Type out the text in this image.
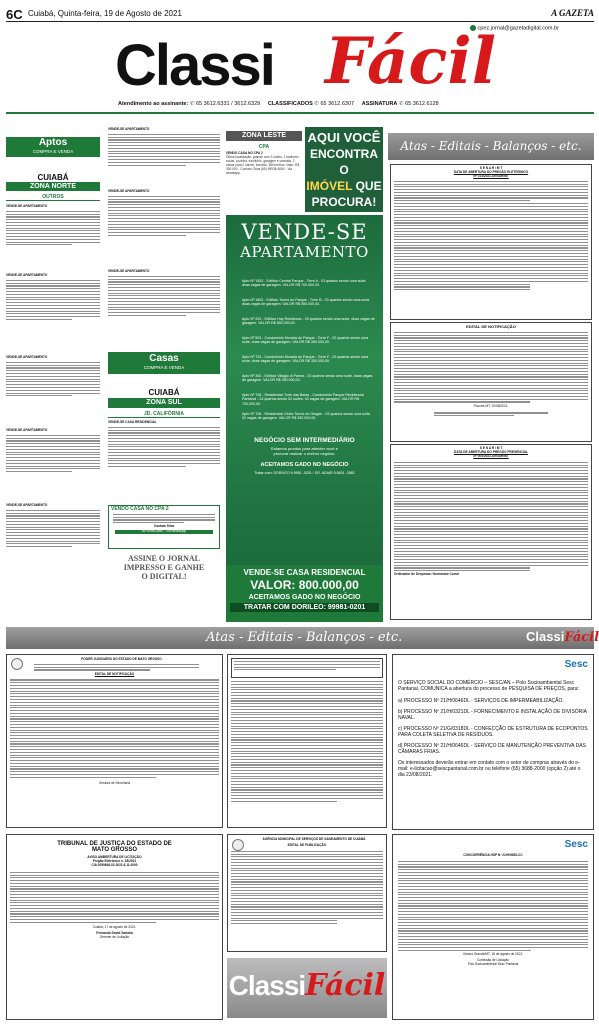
6C Cuiabá, Quinta-feira, 19 de Agosto de 2021	A GAZETA
cpez.jornal@gazetadigital.com.br
Classi Fácil
Atendimento ao assinante: ✆ 65 3612.6331 / 3612.6329 CLASSIFICADOS ✆ 65 3612.6307 ASSINATURA ✆ 65 3612.6128
Aptos
COMPRA E VENDA
CUIABÁ
ZONA NORTE
OUTROS
VENDE-SE APARTAMENTO
VENDE-SE APARTAMENTO
VENDE-SE APARTAMENTO
VENDE-SE APARTAMENTO
VENDE-SE APARTAMENTO
VENDE-SE APARTAMENTO
VENDE-SE APARTAMENTO
VENDE-SE APARTAMENTO
Casas
COMPRA E VENDA
CUIABÁ
ZONA SUL
JD. CALIFÓRNIA
VENDE-SE CASA RESIDENCIAL
VENDO CASA NO CPA 2
Contato Silva
65 99936-6660 - Via WhatsApp
ASSINE O JORNAL
IMPRESSO E GANHE
O DIGITAL!
ZONA LESTE
CPA
VENDO CASA NO CPA 2
Ótima localização, grande com 3 suítes, 1 banheiro social, cozinha, escritório, garagem e varanda. 2 casas para 2 carros, fornada, 380 metros. Valor: R$ 300.000 - Contato: Silva (65) 99936-6060 - Via whatsapp.
AQUI VOCÊ
ENCONTRA O
IMÓVEL QUE
PROCURA!
VENDE-SE
APARTAMENTO
Apto Nº 1503 - Edifício Central Parque - Torre A - 03 quartos sendo uma suíte, duas vagas de garagem. VALOR R$ 700.000,00.
Apto Nº 1803 - Edifício Torres do Parque - Torre B - 03 quartos sendo uma suíte, duas vagas de garagem. VALOR R$ 550.000,00.
Apto Nº 202 - Edifício Hay Residence - 03 quartos sendo uma suíte, duas vagas de garagem. VALOR R$ 550.000,00.
Apto Nº 503 - Condomínio Morada do Parque - Torre F - 02 quartos sendo uma suíte, duas vagas de garagem. VALOR R$ 350.000,00.
Apto Nº 703 - Condomínio Morada do Parque - Torre F - 02 quartos sendo uma suíte, duas vagas de garagem. VALOR R$ 350.000,00.
Apto Nº 302 - Edifício Villagio di Parma - 03 quartos sendo uma suíte, duas vagas de garagem. VALOR R$ 350.000,00.
Apto Nº 708 - Residencial Torre das Baías - Condomínio Parque Residencial Pantanal - 03 quartos sendo 02 suítes, 02 vagas de garagem. VALOR R$ 700.000,00.
Apto Nº 708 - Residencial Clube Torres do Gmgae - 03 quartos sendo uma suíte, 02 vagas de garagem. VALOR R$ 350.000,00.
NEGÓCIO SEM INTERMEDIÁRIO
Estamos prontos para atender você e
procurar realizar o melhor negócio.
ACEITAMOS GADO NO NEGÓCIO
Tratar com: DORILEO 9.9981 -0201 / SR. ADAIR 9.8401 -2882
VENDE-SE CASA RESIDENCIAL
VALOR: 800.000,00
ACEITAMOS GADO NO NEGÓCIO
TRATAR COM DORILEO: 99981-0201
Atas - Editais - Balanços - etc.
S E N A R / M T
DATA DE ABERTURA DO PREGÃO ELETRÔNICO
Nº 013/2021-SENAR/MT
EDITAL DE NOTIFICAÇÃO
Poconé-MT, 19/08/2021.
S E N A R / M T
DATA DE ABERTURA DO PREGÃO PRESENCIAL
Nº 005/2021-SENAR/MT
Ordenador de Despesas: Normando Corral
Atas - Editais - Balanços - etc.	ClassiFácil
PODER JUDICIÁRIO DO ESTADO DE MATO GROSSO
EDITAL DE NOTIFICAÇÃO
Gestora de Secretaria
TRIBUNAL DE JUSTIÇA DO ESTADO DE
MATO GROSSO
AVISO AMBERTURA DE LICITAÇÃO
Pregão Eletrônico n. 28/2021
CIA 0059846-02.2021.8.11.0000
Cuiabá, 17 de agosto de 2021.
Fernando David Sarlaha
Gerente de Licitação
AGÊNCIA MUNICIPAL DE SERVIÇOS DE SANEAMENTO DE CUIABÁ
EDITAL DE PUBLICAÇÃO
ClassiFácil
Sesc
O SERVIÇO SOCIAL DO COMÉRCIO – SESC/AN – Polo Socioambiental Sesc Pantanal, COMUNICA a abertura do processo de PESQUISA DE PREÇOS, para:
a) PROCESSO Nº 21/H/0646DL - SERVIÇOS DE IMPERMEABILIZAÇÃO.
b) PROCESSO Nº 21/H/0321DL - FORNECIMENTO E INSTALAÇÃO DE DIVISÓRIA NAVAL.
c) PROCESSO Nº 21/G/0318DL - CONFECÇÃO DE ESTRUTURA DE ECOPONTOS PARA COLETA SELETIVA DE RESÍDUOS.
d) PROCESSO Nº 21/H/0646DL - SERVIÇO DE MANUTENÇÃO PREVENTIVA DAS CÂMARAS FRIAS.
Os interessados deverão entrar em contato com o setor de compras através do e-mail: e-licitacao@sescpantanal.com.br ou telefone (65) 3688-2000 (opção 2) até o dia 23/08/2021.
Sesc
CONCORRÊNCIA HSP Nº 21/H/0085-CC
Várzea Grande/MT, 18 de agosto de 2021.
Comissão de Licitação
Polo Socioambiental Sesc Pantanal
